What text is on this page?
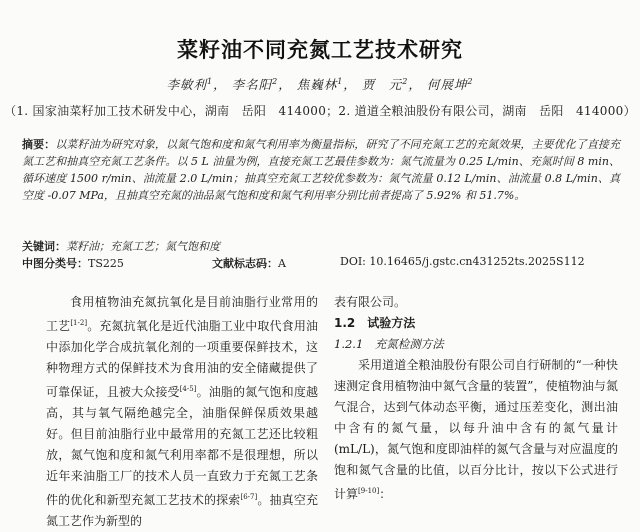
菜籽油不同充氮工艺技术研究
李敏利$^1$， 李名阳$^2$， 焦巍林$^1$， 贾　元$^2$， 何展坤$^2$
（1. 国家油菜籽加工技术研发中心，湖南　岳阳　414000；2. 道道全粮油股份有限公司，湖南　岳阳　414000）
摘要：以菜籽油为研究对象，以氮气饱和度和氮气利用率为衡量指标，研究了不同充氮工艺的充氮效果，主要优化了直接充氮工艺和抽真空充氮工艺条件。以 5 L 油量为例，直接充氮工艺最佳参数为：氮气流量为 0.25 L/min、充氮时间 8 min、循环速度 1500 r/min、油流量 2.0 L/min；抽真空充氮工艺较优参数为：氮气流量 0.12 L/min、油流量 0.8 L/min、真空度 -0.07 MPa，且抽真空充氮的油品氮气饱和度和氮气利用率分别比前者提高了 5.92% 和 51.7%。
关键词：菜籽油；充氮工艺；氮气饱和度
中图分类号：TS225	文献标志码：A	DOI: 10.16465/j.gstc.cn431252ts.2025S112

食用植物油充氮抗氧化是目前油脂行业常用的工艺[1-2]。充氮抗氧化是近代油脂工业中取代食用油中添加化学合成抗氧化剂的一项重要保鲜技术，这种物理方式的保鲜技术为食用油的安全储藏提供了可靠保证，且被大众接受[4-5]。油脂的氮气饱和度越高，其与氧气隔绝越完全，油脂保鲜保质效果越好。但目前油脂行业中最常用的充氮工艺还比较粗放，氮气饱和度和氮气利用率都不是很理想，所以近年来油脂工厂的技术人员一直致力于充氮工艺条件的优化和新型充氮工艺技术的探索[6-7]。抽真空充氮工艺作为新型的

表有限公司。

1.2　试验方法

1.2.1　充氮检测方法

采用道道全粮油股份有限公司自行研制的“一种快速测定食用植物油中氮气含量的装置”，使植物油与氮气混合，达到气体动态平衡，通过压差变化，测出油中含有的氮气量，以每升油中含有的氮气量计(mL/L)，氮气饱和度即油样的氮气含量与对应温度的饱和氮气含量的比值，以百分比计，按以下公式进行计算[9-10]：
